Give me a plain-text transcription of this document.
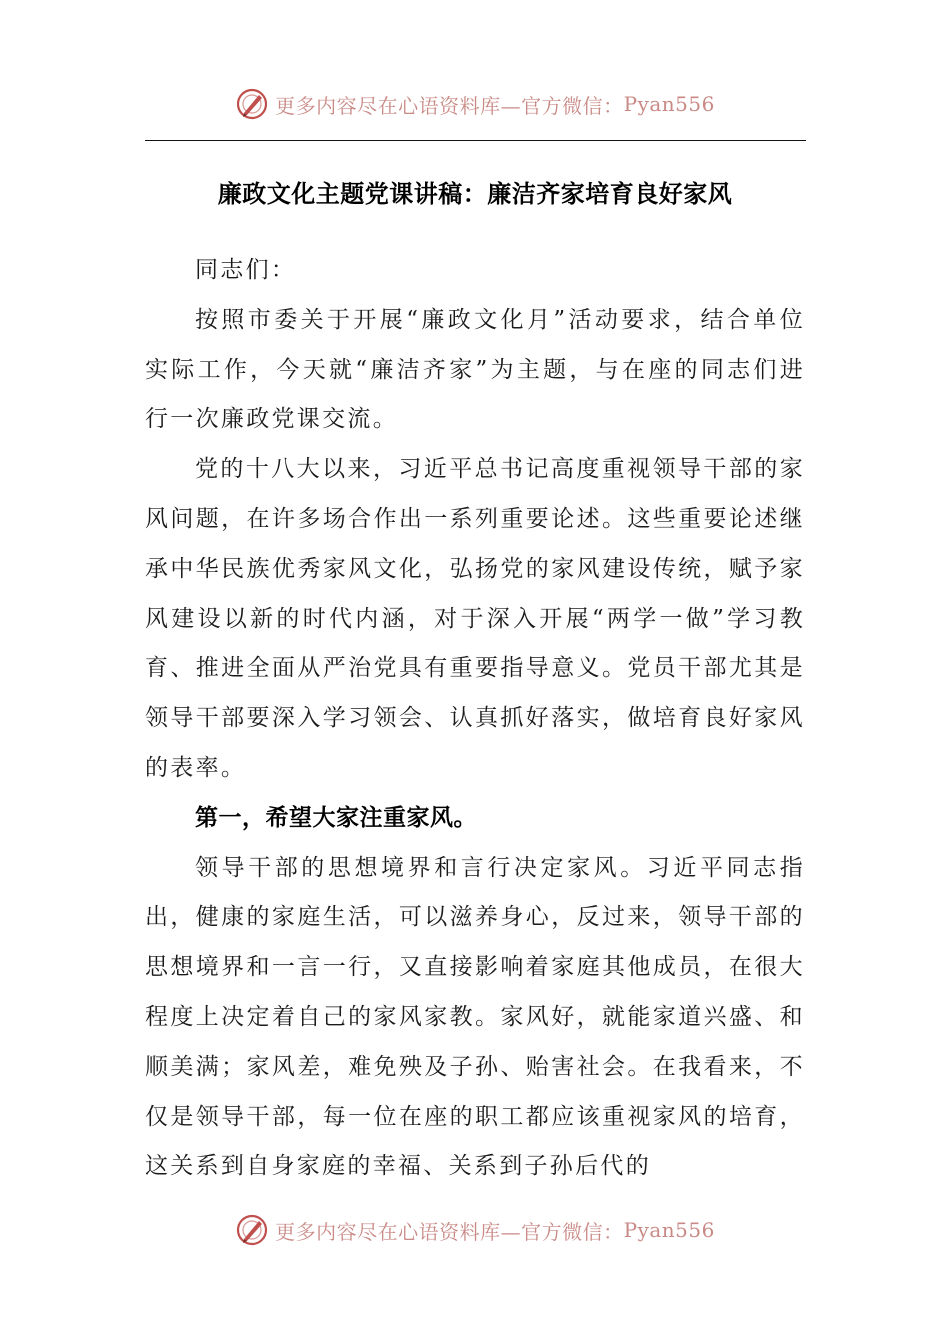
更多内容尽在心语资料库—官方微信： Pyan556
廉政文化主题党课讲稿：廉洁齐家培育良好家风

同志们：

按照市委关于开展“廉政文化月”活动要求，结合单位实际工作，今天就“廉洁齐家”为主题，与在座的同志们进行一次廉政党课交流。

党的十八大以来，习近平总书记高度重视领导干部的家风问题，在许多场合作出一系列重要论述。这些重要论述继承中华民族优秀家风文化，弘扬党的家风建设传统，赋予家风建设以新的时代内涵，对于深入开展“两学一做”学习教育、推进全面从严治党具有重要指导意义。党员干部尤其是领导干部要深入学习领会、认真抓好落实，做培育良好家风的表率。

第一，希望大家注重家风。

领导干部的思想境界和言行决定家风。习近平同志指出，健康的家庭生活，可以滋养身心，反过来，领导干部的思想境界和一言一行，又直接影响着家庭其他成员，在很大程度上决定着自己的家风家教。家风好，就能家道兴盛、和顺美满；家风差，难免殃及子孙、贻害社会。在我看来，不仅是领导干部，每一位在座的职工都应该重视家风的培育，这关系到自身家庭的幸福、关系到子孙后代的

更多内容尽在心语资料库—官方微信： Pyan556
